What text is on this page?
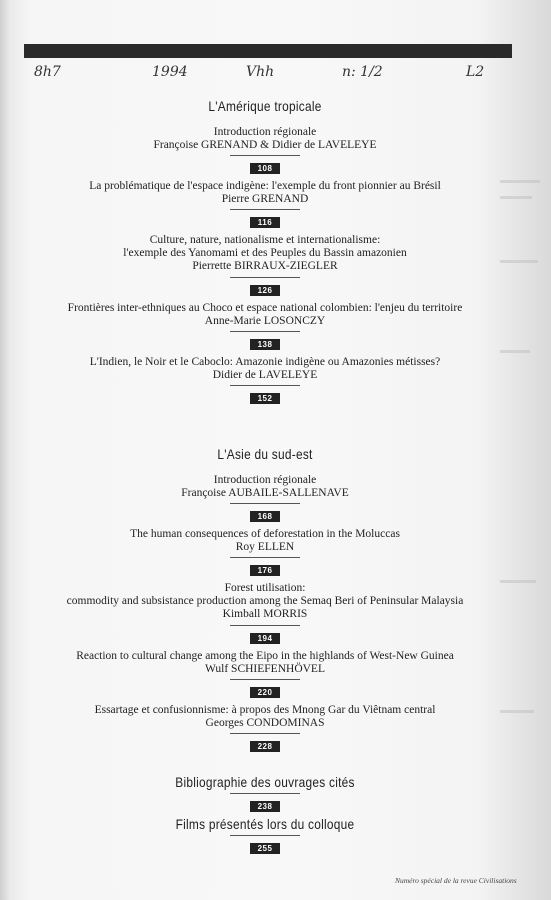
8h7	1994	Vhh	n: 1/2	L2
L'Amérique tropicale
Introduction régionale
Françoise GRENAND & Didier de LAVELEYE
108
La problématique de l'espace indigène: l'exemple du front pionnier au Brésil
Pierre GRENAND
116
Culture, nature, nationalisme et internationalisme:
l'exemple des Yanomami et des Peuples du Bassin amazonien
Pierrette BIRRAUX-ZIEGLER
126
Frontières inter-ethniques au Choco et espace national colombien: l'enjeu du territoire
Anne-Marie LOSONCZY
138
L'Indien, le Noir et le Caboclo: Amazonie indigène ou Amazonies métisses?
Didier de LAVELEYE
152
L'Asie du sud-est
Introduction régionale
Françoise AUBAILE-SALLENAVE
168
The human consequences of deforestation in the Moluccas
Roy ELLEN
176
Forest utilisation:
commodity and subsistance production among the Semaq Beri of Peninsular Malaysia
Kimball MORRIS
194
Reaction to cultural change among the Eipo in the highlands of West-New Guinea
Wulf SCHIEFENHÖVEL
220
Essartage et confusionnisme: à propos des Mnong Gar du Viêtnam central
Georges CONDOMINAS
228
Bibliographie des ouvrages cités
238
Films présentés lors du colloque
255
Numéro spécial de la revue Civilisations
